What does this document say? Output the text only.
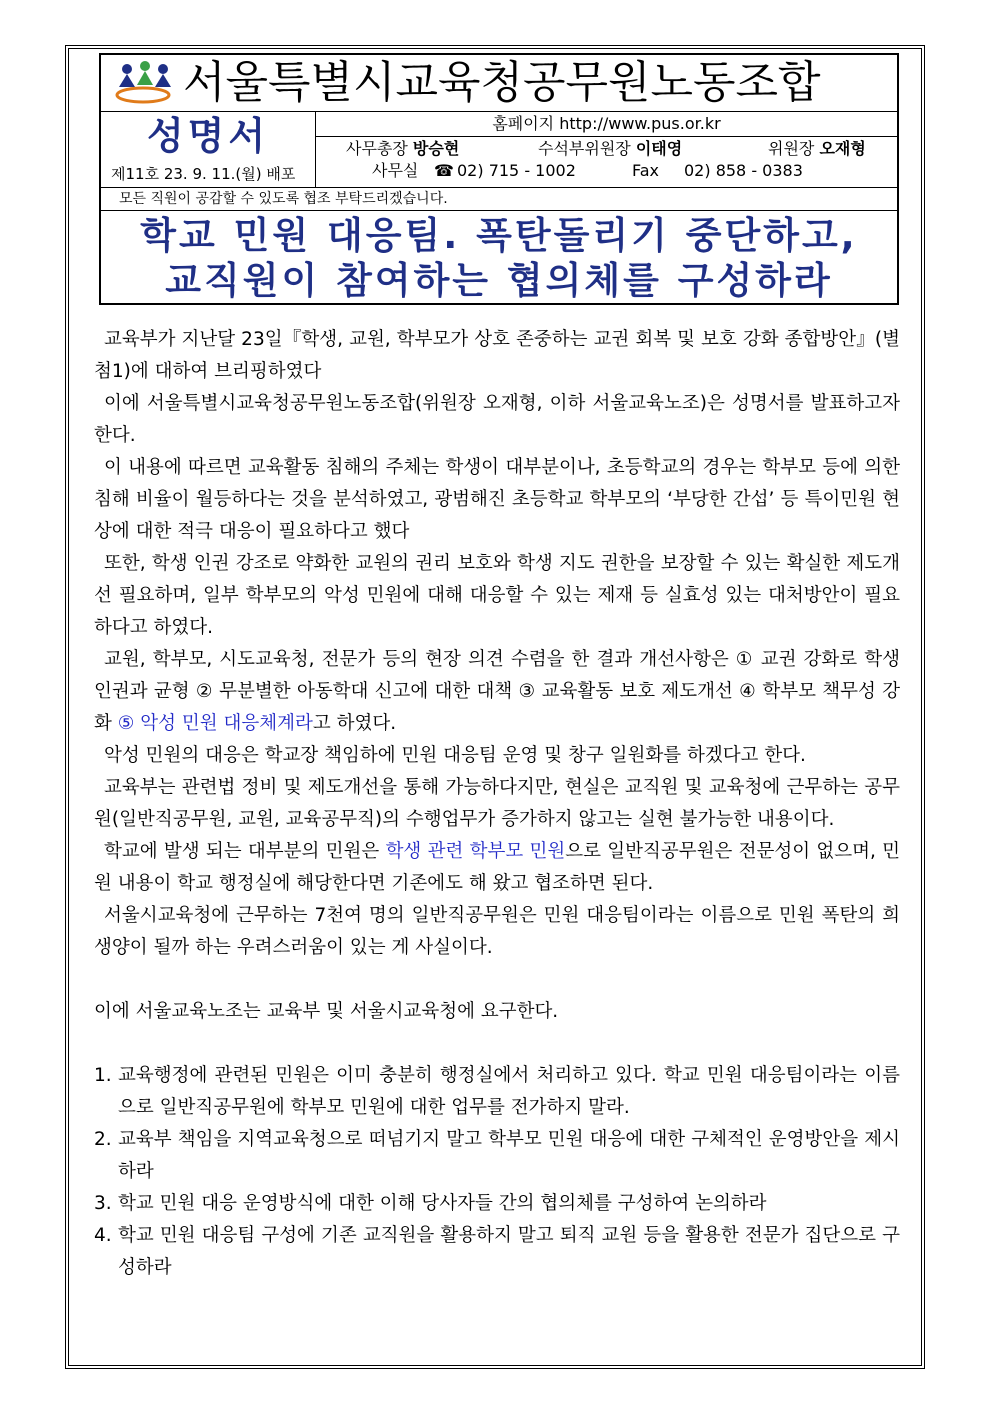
서울특별시교육청공무원노동조합
성명서
제11호 23. 9. 11.(월) 배포
홈페이지 http://www.pus.or.kr
사무총장 방승현	수석부위원장 이태영	위원장 오재형
사무실 ☎ 02) 715 - 1002	Fax 02) 858 - 0383
모든 직원이 공감할 수 있도록 협조 부탁드리겠습니다.
학교 민원 대응팀. 폭탄돌리기 중단하고,
교직원이 참여하는 협의체를 구성하라

교육부가 지난달 23일『학생, 교원, 학부모가 상호 존중하는 교권 회복 및 보호 강화 종합방안』(별첨1)에 대하여 브리핑하였다

이에 서울특별시교육청공무원노동조합(위원장 오재형, 이하 서울교육노조)은 성명서를 발표하고자 한다.

이 내용에 따르면 교육활동 침해의 주체는 학생이 대부분이나, 초등학교의 경우는 학부모 등에 의한 침해 비율이 월등하다는 것을 분석하였고, 광범해진 초등학교 학부모의 ‘부당한 간섭’ 등 특이민원 현상에 대한 적극 대응이 필요하다고 했다

또한, 학생 인권 강조로 약화한 교원의 권리 보호와 학생 지도 권한을 보장할 수 있는 확실한 제도개선 필요하며, 일부 학부모의 악성 민원에 대해 대응할 수 있는 제재 등 실효성 있는 대처방안이 필요하다고 하였다.

교원, 학부모, 시도교육청, 전문가 등의 현장 의견 수렴을 한 결과 개선사항은 ① 교권 강화로 학생 인권과 균형 ② 무분별한 아동학대 신고에 대한 대책 ③ 교육활동 보호 제도개선 ④ 학부모 책무성 강화 ⑤ 악성 민원 대응체계라고 하였다.

악성 민원의 대응은 학교장 책임하에 민원 대응팀 운영 및 창구 일원화를 하겠다고 한다.

교육부는 관련법 정비 및 제도개선을 통해 가능하다지만, 현실은 교직원 및 교육청에 근무하는 공무원(일반직공무원, 교원, 교육공무직)의 수행업무가 증가하지 않고는 실현 불가능한 내용이다.

학교에 발생 되는 대부분의 민원은 학생 관련 학부모 민원으로 일반직공무원은 전문성이 없으며, 민원 내용이 학교 행정실에 해당한다면 기존에도 해 왔고 협조하면 된다.

서울시교육청에 근무하는 7천여 명의 일반직공무원은 민원 대응팀이라는 이름으로 민원 폭탄의 희생양이 될까 하는 우려스러움이 있는 게 사실이다.

이에 서울교육노조는 교육부 및 서울시교육청에 요구한다.

1. 교육행정에 관련된 민원은 이미 충분히 행정실에서 처리하고 있다. 학교 민원 대응팀이라는 이름으로 일반직공무원에 학부모 민원에 대한 업무를 전가하지 말라.
2. 교육부 책임을 지역교육청으로 떠넘기지 말고 학부모 민원 대응에 대한 구체적인 운영방안을 제시하라
3. 학교 민원 대응 운영방식에 대한 이해 당사자들 간의 협의체를 구성하여 논의하라
4. 학교 민원 대응팀 구성에 기존 교직원을 활용하지 말고 퇴직 교원 등을 활용한 전문가 집단으로 구성하라
